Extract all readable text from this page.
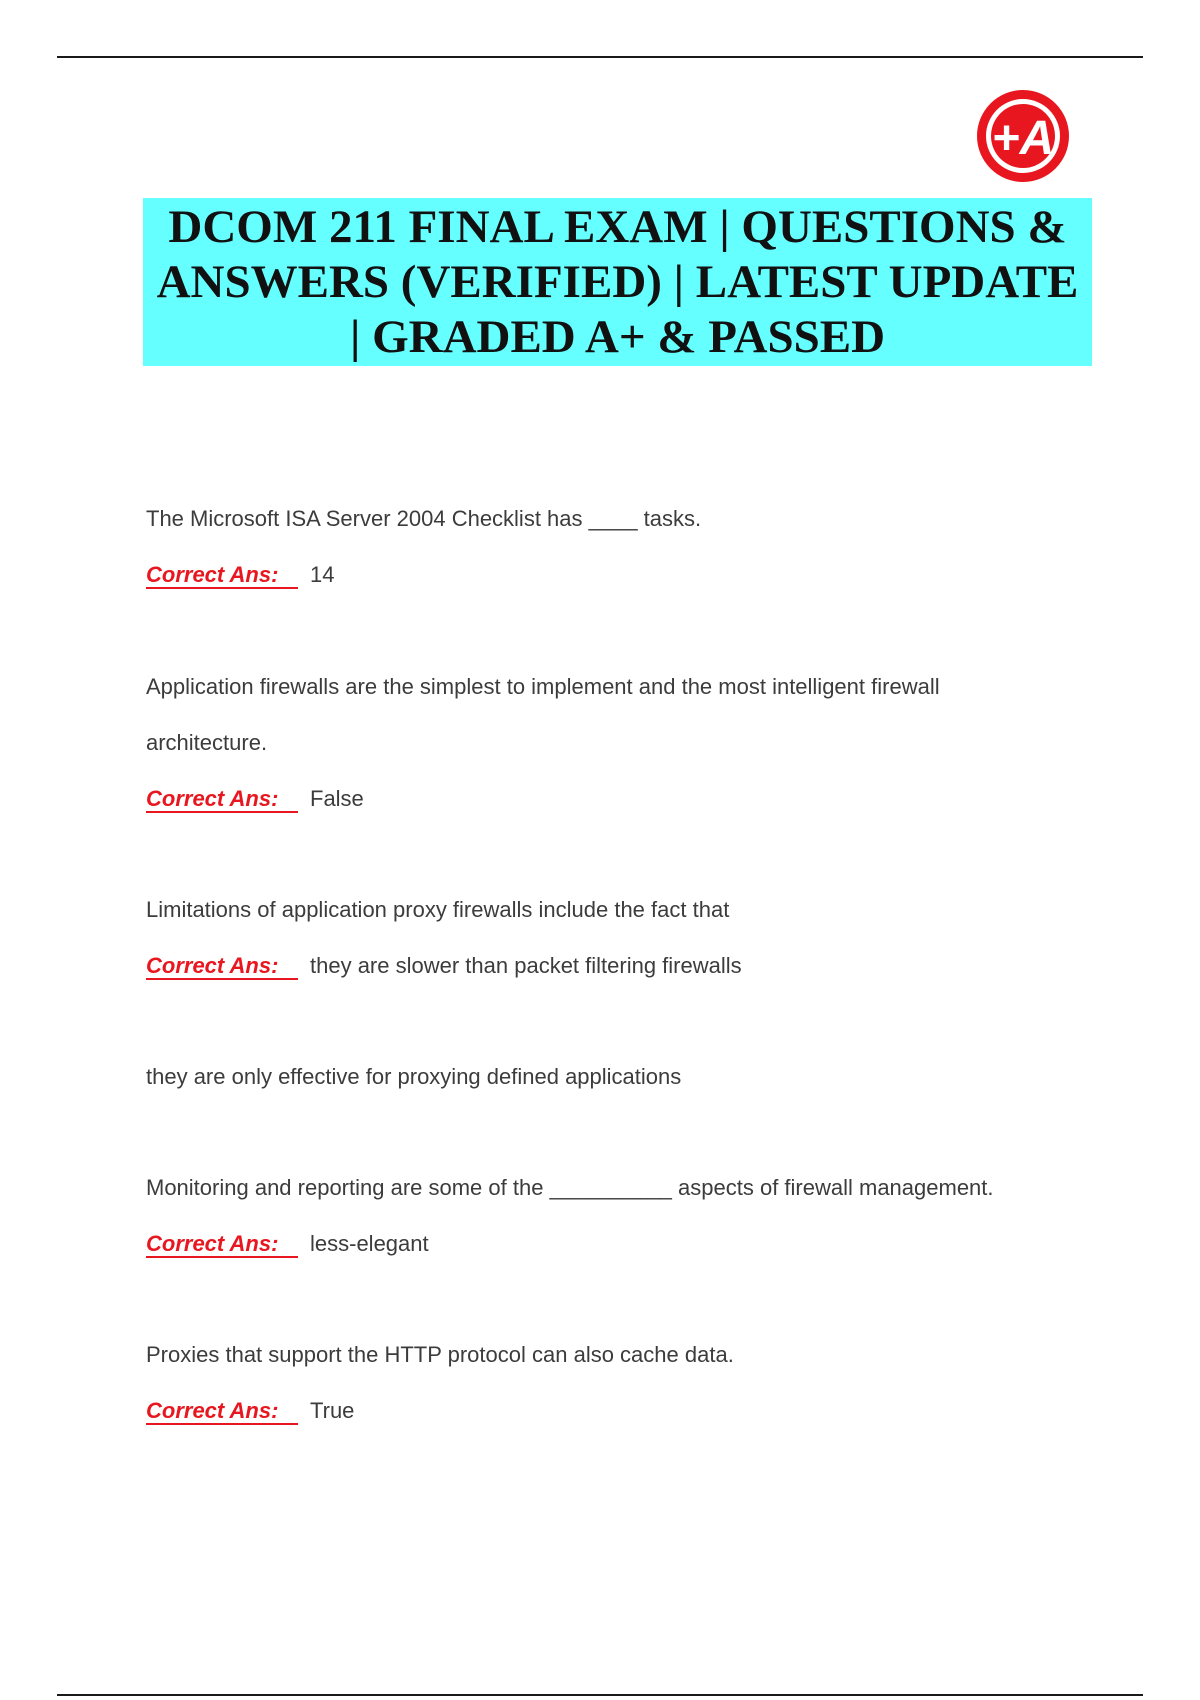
+A
DCOM 211 FINAL EXAM | QUESTIONS & ANSWERS (VERIFIED) | LATEST UPDATE | GRADED A+ & PASSED
The Microsoft ISA Server 2004 Checklist has ____ tasks.
Correct Ans: 14
Application firewalls are the simplest to implement and the most intelligent firewall
architecture.
Correct Ans: False
Limitations of application proxy firewalls include the fact that
Correct Ans: they are slower than packet filtering firewalls
they are only effective for proxying defined applications
Monitoring and reporting are some of the __________ aspects of firewall management.
Correct Ans: less-elegant
Proxies that support the HTTP protocol can also cache data.
Correct Ans: True
